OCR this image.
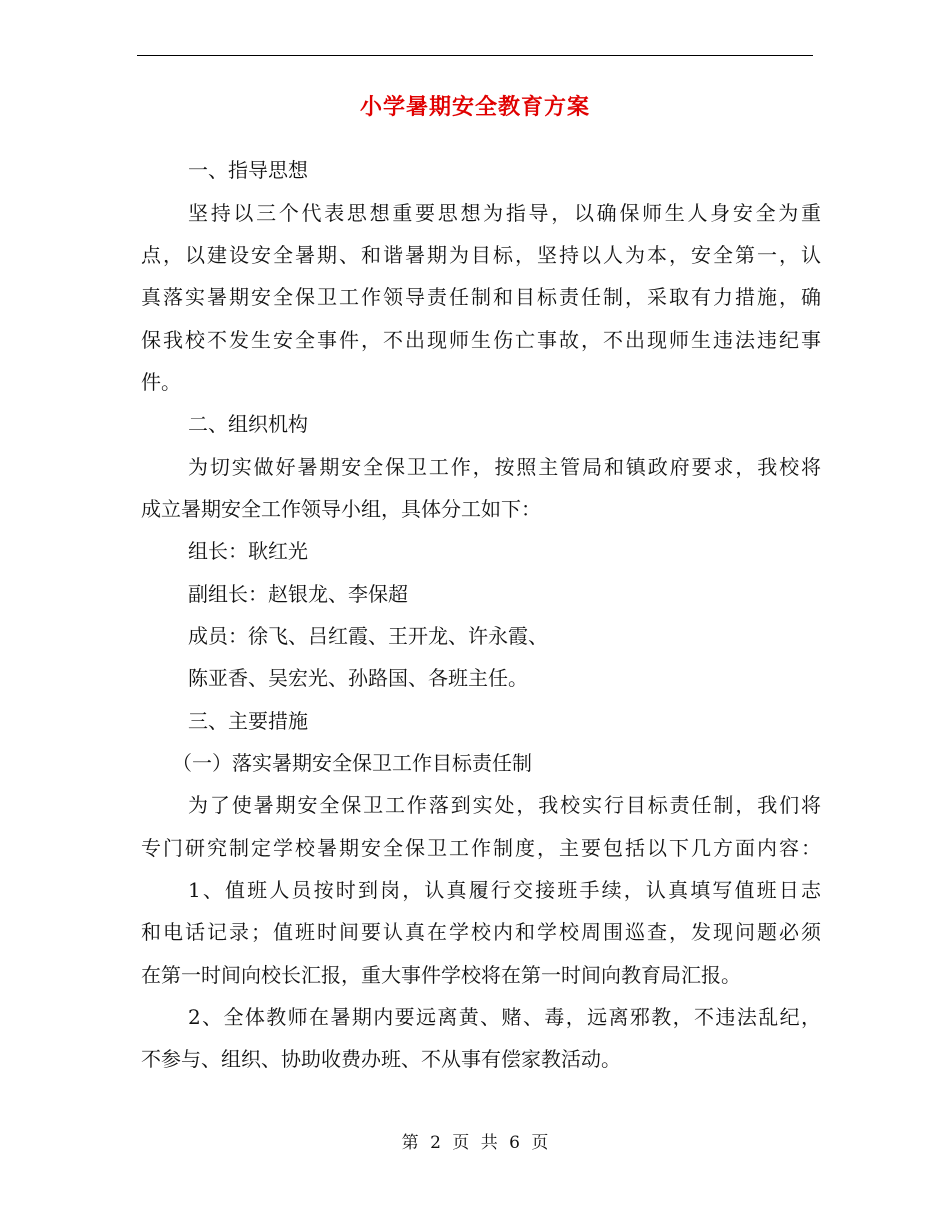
小学暑期安全教育方案

一、指导思想

坚持以三个代表思想重要思想为指导，以确保师生人身安全为重

点，以建设安全暑期、和谐暑期为目标，坚持以人为本，安全第一，认

真落实暑期安全保卫工作领导责任制和目标责任制，采取有力措施，确

保我校不发生安全事件，不出现师生伤亡事故，不出现师生违法违纪事

件。

二、组织机构

为切实做好暑期安全保卫工作，按照主管局和镇政府要求，我校将

成立暑期安全工作领导小组，具体分工如下：

组长：耿红光

副组长：赵银龙、李保超

成员：徐飞、吕红霞、王开龙、许永霞、

陈亚香、吴宏光、孙路国、各班主任。

三、主要措施

（一）落实暑期安全保卫工作目标责任制

为了使暑期安全保卫工作落到实处，我校实行目标责任制，我们将

专门研究制定学校暑期安全保卫工作制度，主要包括以下几方面内容：

1、值班人员按时到岗，认真履行交接班手续，认真填写值班日志

和电话记录；值班时间要认真在学校内和学校周围巡查，发现问题必须

在第一时间向校长汇报，重大事件学校将在第一时间向教育局汇报。

2、全体教师在暑期内要远离黄、赌、毒，远离邪教，不违法乱纪，

不参与、组织、协助收费办班、不从事有偿家教活动。

第 2 页 共 6 页
